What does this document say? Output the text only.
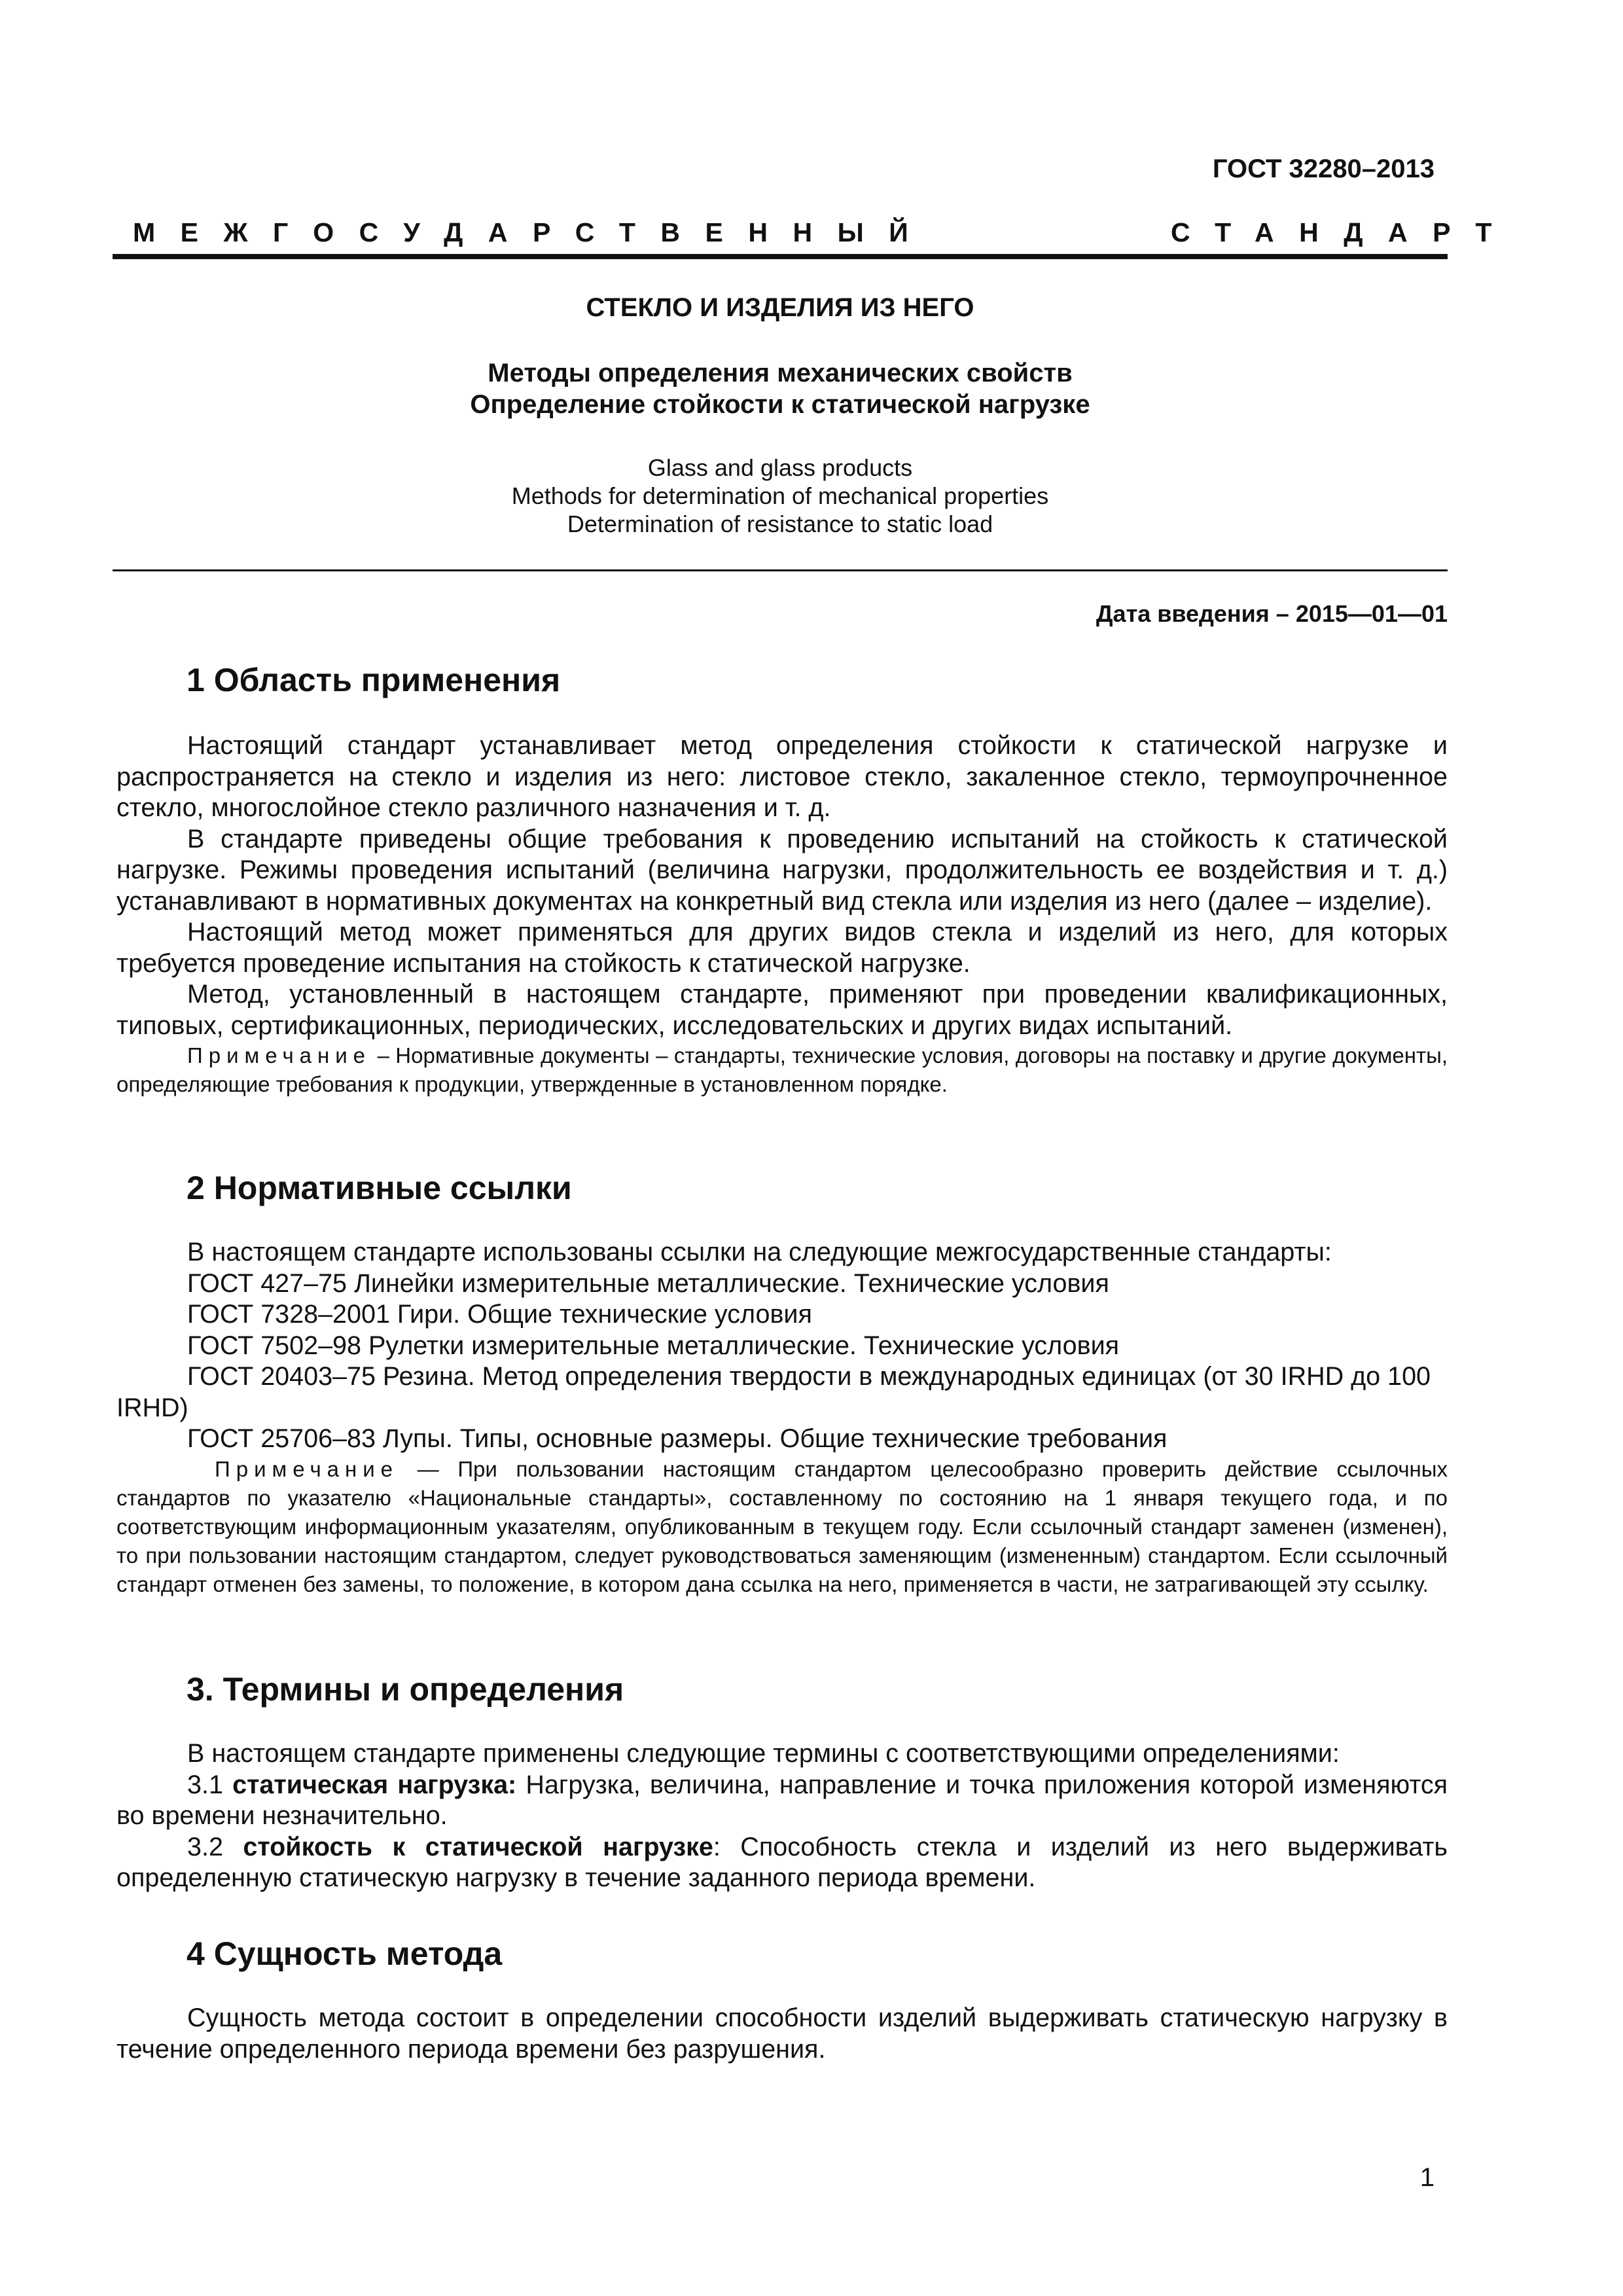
ГОСТ 32280–2013
МЕЖГОСУДАРСТВЕННЫЙ	СТАНДАРТ
СТЕКЛО И ИЗДЕЛИЯ ИЗ НЕГО
Методы определения механических свойств
Определение стойкости к статической нагрузке
Glass and glass products
Methods for determination of mechanical properties
Determination of resistance to static load
Дата введения – 2015—01—01
1 Область применения

Настоящий стандарт устанавливает метод определения стойкости к статической нагрузке и распространяется на стекло и изделия из него: листовое стекло, закаленное стекло, термоупрочненное стекло, многослойное стекло различного назначения и т. д.

В стандарте приведены общие требования к проведению испытаний на стойкость к статической нагрузке. Режимы проведения испытаний (величина нагрузки, продолжительность ее воздействия и т. д.) устанавливают в нормативных документах на конкретный вид стекла или изделия из него (далее – изделие).

Настоящий метод может применяться для других видов стекла и изделий из него, для которых требуется проведение испытания на стойкость к статической нагрузке.

Метод, установленный в настоящем стандарте, применяют при проведении квалификационных, типовых, сертификационных, периодических, исследовательских и других видах испытаний.

Примечание – Нормативные документы – стандарты, технические условия, договоры на поставку и другие документы, определяющие требования к продукции, утвержденные в установленном порядке.

2 Нормативные ссылки

В настоящем стандарте использованы ссылки на следующие межгосударственные стандарты:

ГОСТ 427–75 Линейки измерительные металлические. Технические условия

ГОСТ 7328–2001 Гири. Общие технические условия

ГОСТ 7502–98 Рулетки измерительные металлические. Технические условия

ГОСТ 20403–75 Резина. Метод определения твердости в международных единицах (от 30 IRHD до 100 IRHD)

ГОСТ 25706–83 Лупы. Типы, основные размеры. Общие технические требования

Примечание — При пользовании настоящим стандартом целесообразно проверить действие ссылочных стандартов по указателю «Национальные стандарты», составленному по состоянию на 1 января текущего года, и по соответствующим информационным указателям, опубликованным в текущем году. Если ссылочный стандарт заменен (изменен), то при пользовании настоящим стандартом, следует руководствоваться заменяющим (измененным) стандартом. Если ссылочный стандарт отменен без замены, то положение, в котором дана ссылка на него, применяется в части, не затрагивающей эту ссылку.

3. Термины и определения

В настоящем стандарте применены следующие термины с соответствующими определениями:

3.1 статическая нагрузка: Нагрузка, величина, направление и точка приложения которой изменяются во времени незначительно.

3.2 стойкость к статической нагрузке: Способность стекла и изделий из него выдерживать определенную статическую нагрузку в течение заданного периода времени.

4 Сущность метода

Сущность метода состоит в определении способности изделий выдерживать статическую нагрузку в течение определенного периода времени без разрушения.

1
